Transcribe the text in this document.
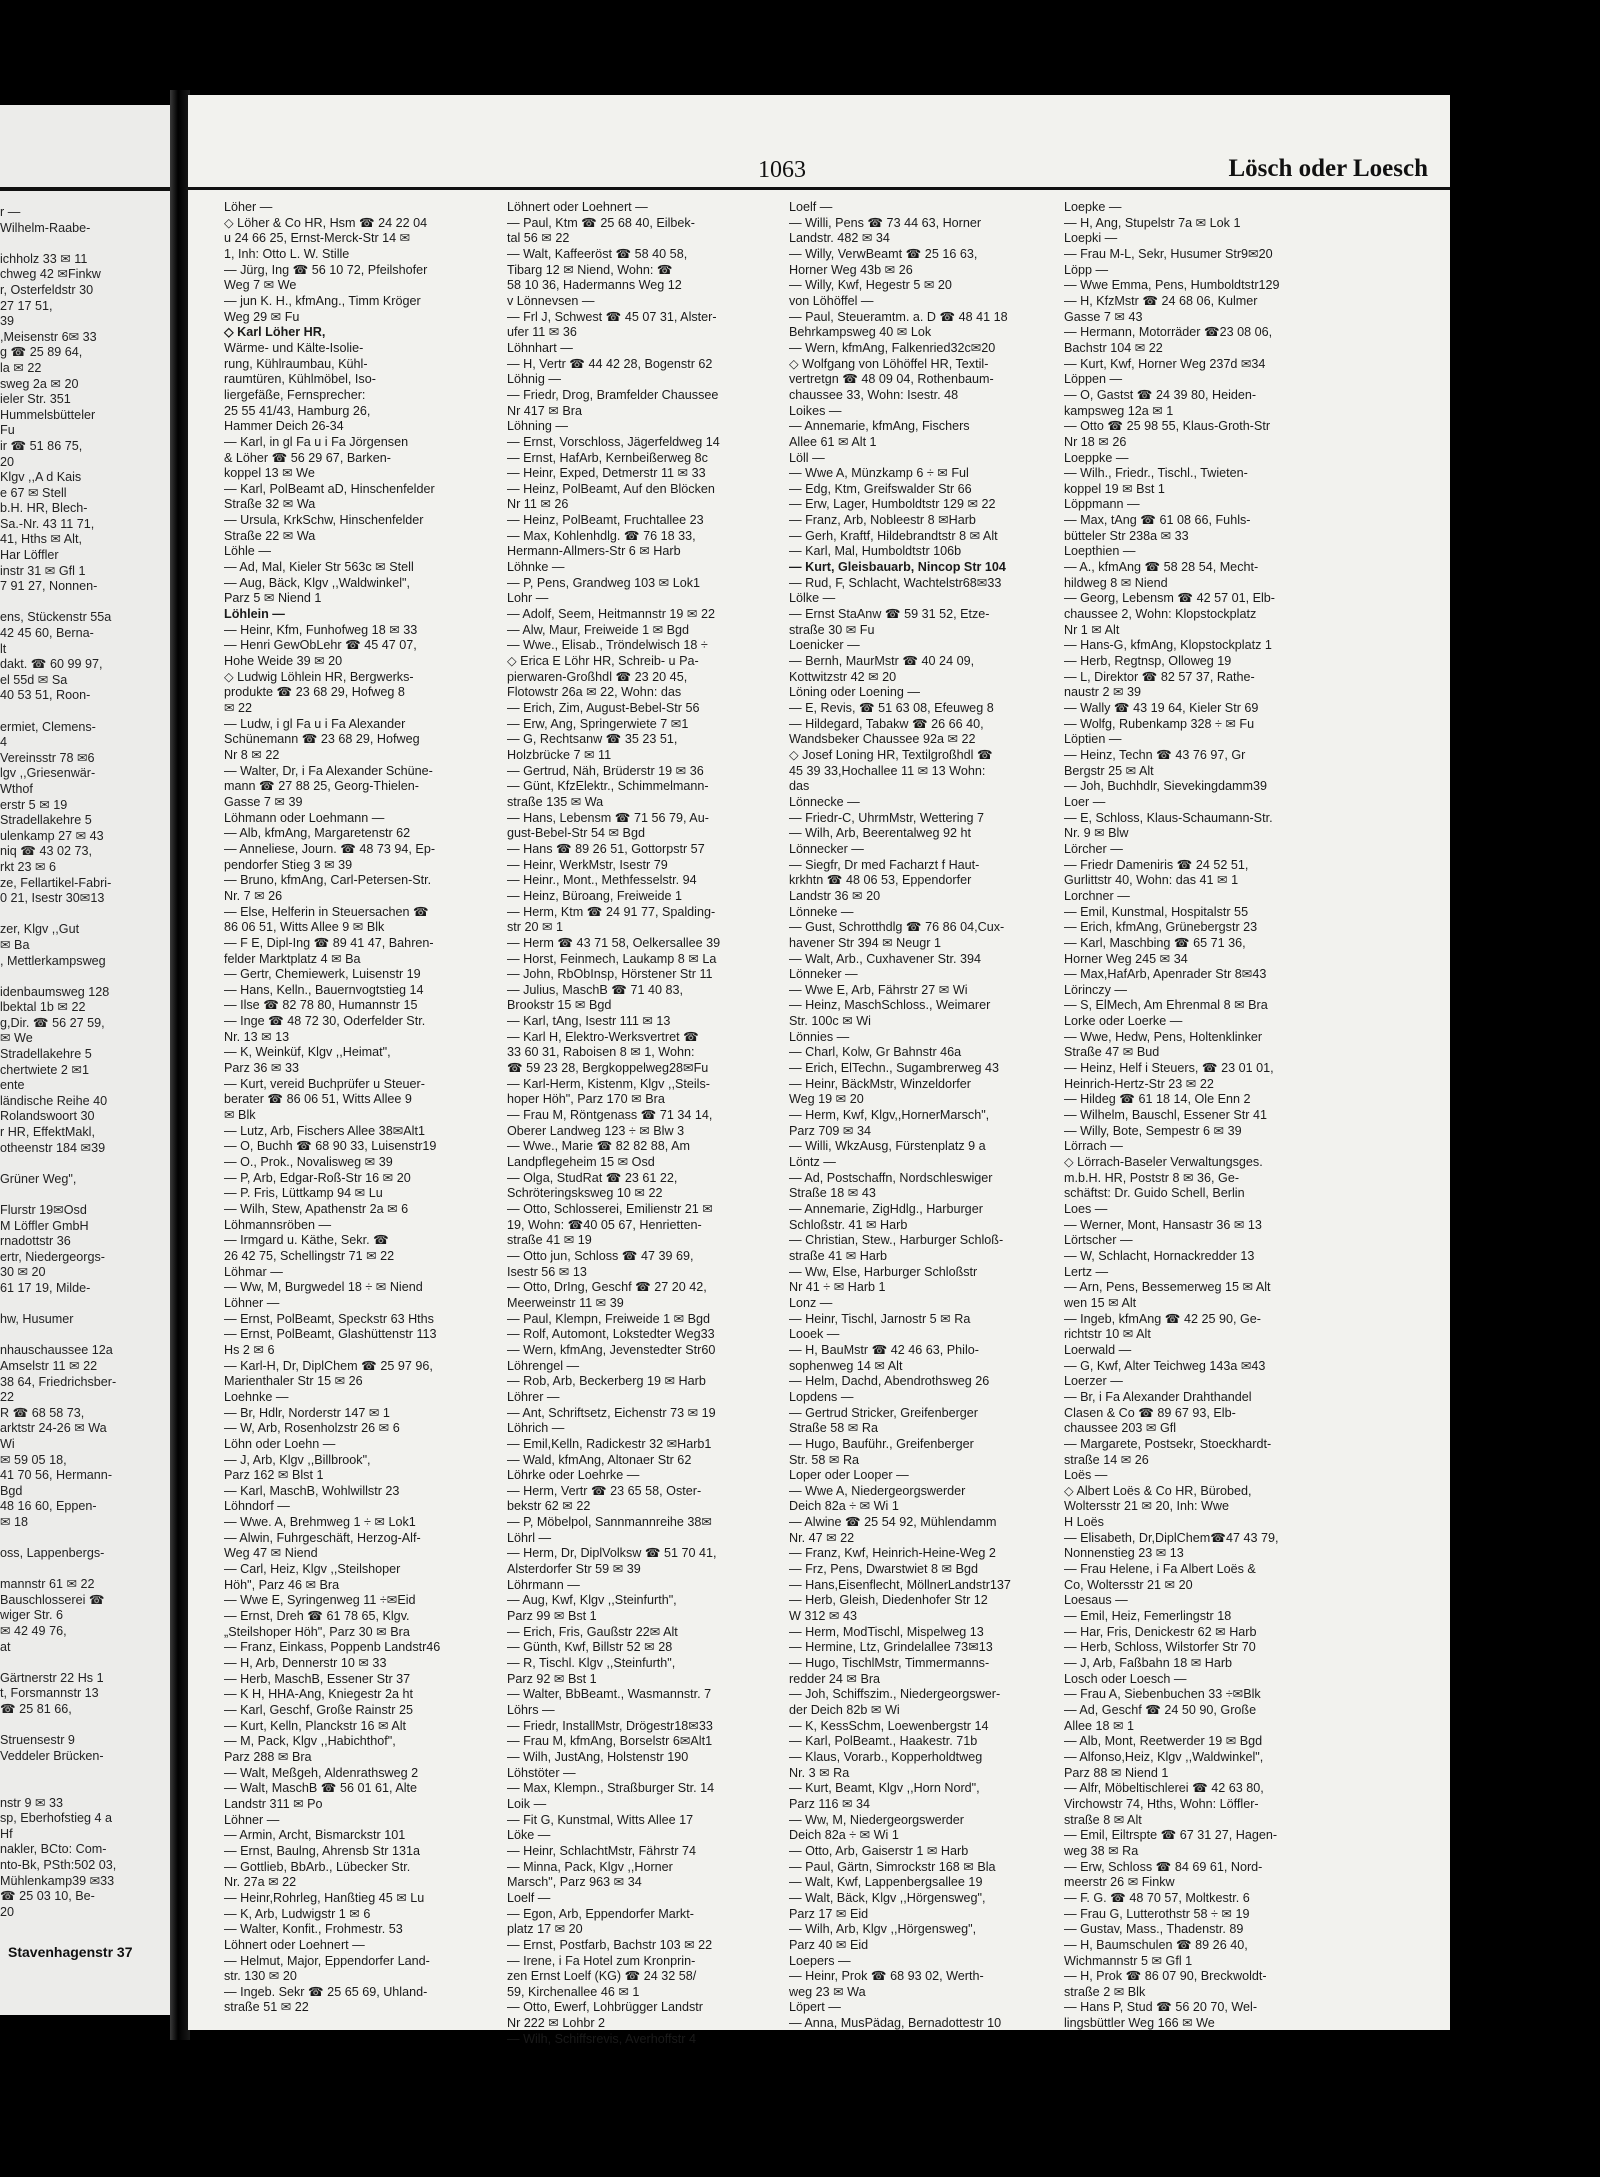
r —
Wilhelm-Raabe-
ichholz 33 ✉ 11
chweg 42 ✉Finkw
r, Osterfeldstr 30
27 17 51,
39
,Meisenstr 6✉ 33
g ☎ 25 89 64,
la ✉ 22
sweg 2a ✉ 20
ieler Str. 351
Hummelsbütteler
Fu
ir ☎ 51 86 75,
20
Klgv ,,A d Kais
e 67 ✉ Stell
b.H. HR, Blech-
Sa.-Nr. 43 11 71,
41, Hths ✉ Alt,
Har Löffler
instr 31 ✉ Gfl 1
7 91 27, Nonnen-
ens, Stückenstr 55a
42 45 60, Berna-
lt
dakt. ☎ 60 99 97,
el 55d ✉ Sa
40 53 51, Roon-
ermiet, Clemens-
4
Vereinsstr 78 ✉6
lgv ,,Griesenwär-
Wthof
erstr 5 ✉ 19
Stradellakehre 5
ulenkamp 27 ✉ 43
niq ☎ 43 02 73,
rkt 23 ✉ 6
ze, Fellartikel-Fabri-
0 21, Isestr 30✉13
zer, Klgv ,,Gut
✉ Ba
, Mettlerkampsweg
idenbaumsweg 128
lbektal 1b ✉ 22
g,Dir. ☎ 56 27 59,
✉ We
Stradellakehre 5
chertwiete 2 ✉1
ente
ländische Reihe 40
Rolandswoort 30
r HR, EffektMakl,
otheenstr 184 ✉39
Grüner Weg",
Flurstr 19✉Osd
M Löffler GmbH
rnadottstr 36
ertr, Niedergeorgs-
30 ✉ 20
61 17 19, Milde-
hw, Husumer
nhauschaussee 12a
Amselstr 11 ✉ 22
38 64, Friedrichsber-
22
R ☎ 68 58 73,
arktstr 24-26 ✉ Wa
Wi
✉ 59 05 18,
41 70 56, Hermann-
Bgd
48 16 60, Eppen-
✉ 18
oss, Lappenbergs-
mannstr 61 ✉ 22
Bauschlosserei ☎
wiger Str. 6
✉ 42 49 76,
at
Gärtnerstr 22 Hs 1
t, Forsmannstr 13
☎ 25 81 66,
Struensestr 9
Veddeler Brücken-
nstr 9 ✉ 33
sp, Eberhofstieg 4 a
Hf
nakler, BCto: Com-
nto-Bk, PSth:502 03,
Mühlenkamp39 ✉33
☎ 25 03 10, Be-
20
1063	Lösch oder Loesch
Löher —
◇ Löher & Co HR, Hsm ☎ 24 22 04
u 24 66 25, Ernst-Merck-Str 14 ✉
1, Inh: Otto L. W. Stille
— Jürg, Ing ☎ 56 10 72, Pfeilshofer
Weg 7 ✉ We
— jun K. H., kfmAng., Timm Kröger
Weg 29 ✉ Fu
◇ Karl Löher HR,
Wärme- und Kälte-Isolie-
rung, Kühlraumbau, Kühl-
raumtüren, Kühlmöbel, Iso-
liergefäße, Fernsprecher:
25 55 41/43, Hamburg 26,
Hammer Deich 26-34
— Karl, in gl Fa u i Fa Jörgensen
& Löher ☎ 56 29 67, Barken-
koppel 13 ✉ We
— Karl, PolBeamt aD, Hinschenfelder
Straße 32 ✉ Wa
— Ursula, KrkSchw, Hinschenfelder
Straße 22 ✉ Wa
Löhle —
— Ad, Mal, Kieler Str 563c ✉ Stell
— Aug, Bäck, Klgv ,,Waldwinkel",
Parz 5 ✉ Niend 1
Löhlein —
— Heinr, Kfm, Funhofweg 18 ✉ 33
— Henri GewObLehr ☎ 45 47 07,
Hohe Weide 39 ✉ 20
◇ Ludwig Löhlein HR, Bergwerks-
produkte ☎ 23 68 29, Hofweg 8
✉ 22
— Ludw, i gl Fa u i Fa Alexander
Schünemann ☎ 23 68 29, Hofweg
Nr 8 ✉ 22
— Walter, Dr, i Fa Alexander Schüne-
mann ☎ 27 88 25, Georg-Thielen-
Gasse 7 ✉ 39
Löhmann oder Loehmann —
— Alb, kfmAng, Margaretenstr 62
— Anneliese, Journ. ☎ 48 73 94, Ep-
pendorfer Stieg 3 ✉ 39
— Bruno, kfmAng, Carl-Petersen-Str.
Nr. 7 ✉ 26
— Else, Helferin in Steuersachen ☎
86 06 51, Witts Allee 9 ✉ Blk
— F E, Dipl-Ing ☎ 89 41 47, Bahren-
felder Marktplatz 4 ✉ Ba
— Gertr, Chemiewerk, Luisenstr 19
— Hans, Kelln., Bauernvogtstieg 14
— Ilse ☎ 82 78 80, Humannstr 15
— Inge ☎ 48 72 30, Oderfelder Str.
Nr. 13 ✉ 13
— K, Weinküf, Klgv ,,Heimat",
Parz 36 ✉ 33
— Kurt, vereid Buchprüfer u Steuer-
berater ☎ 86 06 51, Witts Allee 9
✉ Blk
— Lutz, Arb, Fischers Allee 38✉Alt1
— O, Buchh ☎ 68 90 33, Luisenstr19
— O., Prok., Novalisweg ✉ 39
— P, Arb, Edgar-Roß-Str 16 ✉ 20
— P. Fris, Lüttkamp 94 ✉ Lu
— Wilh, Stew, Apathenstr 2a ✉ 6
Löhmannsröben —
— Irmgard u. Käthe, Sekr. ☎
26 42 75, Schellingstr 71 ✉ 22
Löhmar —
— Ww, M, Burgwedel 18 ÷ ✉ Niend
Löhner —
— Ernst, PolBeamt, Speckstr 63 Hths
— Ernst, PolBeamt, Glashüttenstr 113
Hs 2 ✉ 6
— Karl-H, Dr, DiplChem ☎ 25 97 96,
Marienthaler Str 15 ✉ 26
Loehnke —
— Br, Hdlr, Norderstr 147 ✉ 1
— W, Arb, Rosenholzstr 26 ✉ 6
Löhn oder Loehn —
— J, Arb, Klgv ,,Billbrook",
Parz 162 ✉ Blst 1
— Karl, MaschB, Wohlwillstr 23
Löhndorf —
— Wwe. A, Brehmweg 1 ÷ ✉ Lok1
— Alwin, Fuhrgeschäft, Herzog-Alf-
Weg 47 ✉ Niend
— Carl, Heiz, Klgv ,,Steilshoper
Höh", Parz 46 ✉ Bra
— Wwe E, Syringenweg 11 ÷✉Eid
— Ernst, Dreh ☎ 61 78 65, Klgv.
„Steilshoper Höh", Parz 30 ✉ Bra
— Franz, Einkass, Poppenb Landstr46
— H, Arb, Dennerstr 10 ✉ 33
— Herb, MaschB, Essener Str 37
— K H, HHA-Ang, Kniegestr 2a ht
— Karl, Geschf, Große Rainstr 25
— Kurt, Kelln, Planckstr 16 ✉ Alt
— M, Pack, Klgv ,,Habichthof",
Parz 288 ✉ Bra
— Walt, Meßgeh, Aldenrathsweg 2
— Walt, MaschB ☎ 56 01 61, Alte
Landstr 311 ✉ Po
Löhner —
— Armin, Archt, Bismarckstr 101
— Ernst, Baulng, Ahrensb Str 131a
— Gottlieb, BbArb., Lübecker Str.
Nr. 27a ✉ 22
— Heinr,Rohrleg, Hanßtieg 45 ✉ Lu
— K, Arb, Ludwigstr 1 ✉ 6
— Walter, Konfit., Frohmestr. 53
Löhnert oder Loehnert —
— Helmut, Major, Eppendorfer Land-
str. 130 ✉ 20
— Ingeb. Sekr ☎ 25 65 69, Uhland-
straße 51 ✉ 22
Löhnert oder Loehnert —
— Paul, Ktm ☎ 25 68 40, Eilbek-
tal 56 ✉ 22
— Walt, Kaffeeröst ☎ 58 40 58,
Tibarg 12 ✉ Niend, Wohn: ☎
58 10 36, Hadermanns Weg 12
v Lönnevsen —
— Frl J, Schwest ☎ 45 07 31, Alster-
ufer 11 ✉ 36
Löhnhart —
— H, Vertr ☎ 44 42 28, Bogenstr 62
Löhnig —
— Friedr, Drog, Bramfelder Chaussee
Nr 417 ✉ Bra
Löhning —
— Ernst, Vorschloss, Jägerfeldweg 14
— Ernst, HafArb, Kernbeißerweg 8c
— Heinr, Exped, Detmerstr 11 ✉ 33
— Heinz, PolBeamt, Auf den Blöcken
Nr 11 ✉ 26
— Heinz, PolBeamt, Fruchtallee 23
— Max, Kohlenhdlg. ☎ 76 18 33,
Hermann-Allmers-Str 6 ✉ Harb
Löhnke —
— P, Pens, Grandweg 103 ✉ Lok1
Lohr —
— Adolf, Seem, Heitmannstr 19 ✉ 22
— Alw, Maur, Freiweide 1 ✉ Bgd
— Wwe., Elisab., Tröndelwisch 18 ÷
◇ Erica E Löhr HR, Schreib- u Pa-
pierwaren-Großhdl ☎ 23 20 45,
Flotowstr 26a ✉ 22, Wohn: das
— Erich, Zim, August-Bebel-Str 56
— Erw, Ang, Springerwiete 7 ✉1
— G, Rechtsanw ☎ 35 23 51,
Holzbrücke 7 ✉ 11
— Gertrud, Näh, Brüderstr 19 ✉ 36
— Günt, KfzElektr., Schimmelmann-
straße 135 ✉ Wa
— Hans, Lebensm ☎ 71 56 79, Au-
gust-Bebel-Str 54 ✉ Bgd
— Hans ☎ 89 26 51, Gottorpstr 57
— Heinr, WerkMstr, Isestr 79
— Heinr., Mont., Methfesselstr. 94
— Heinz, Büroang, Freiweide 1
— Herm, Ktm ☎ 24 91 77, Spalding-
str 20 ✉ 1
— Herm ☎ 43 71 58, Oelkersallee 39
— Horst, Feinmech, Laukamp 8 ✉ La
— John, RbObInsp, Hörstener Str 11
— Julius, MaschB ☎ 71 40 83,
Brookstr 15 ✉ Bgd
— Karl, tAng, Isestr 111 ✉ 13
— Karl H, Elektro-Werksvertret ☎
33 60 31, Raboisen 8 ✉ 1, Wohn:
☎ 59 23 28, Bergkoppelweg28✉Fu
— Karl-Herm, Kistenm, Klgv ,,Steils-
hoper Höh", Parz 170 ✉ Bra
— Frau M, Röntgenass ☎ 71 34 14,
Oberer Landweg 123 ÷ ✉ Blw 3
— Wwe., Marie ☎ 82 82 88, Am
Landpflegeheim 15 ✉ Osd
— Olga, StudRat ☎ 23 61 22,
Schröteringsksweg 10 ✉ 22
— Otto, Schlosserei, Emilienstr 21 ✉
19, Wohn: ☎40 05 67, Henrietten-
straße 41 ✉ 19
— Otto jun, Schloss ☎ 47 39 69,
Isestr 56 ✉ 13
— Otto, DrIng, Geschf ☎ 27 20 42,
Meerweinstr 11 ✉ 39
— Paul, Klempn, Freiweide 1 ✉ Bgd
— Rolf, Automont, Lokstedter Weg33
— Wern, kfmAng, Jevenstedter Str60
Löhrengel —
— Rob, Arb, Beckerberg 19 ✉ Harb
Löhrer —
— Ant, Schriftsetz, Eichenstr 73 ✉ 19
Löhrich —
— Emil,Kelln, Radickestr 32 ✉Harb1
— Wald, kfmAng, Altonaer Str 62
Löhrke oder Loehrke —
— Herm, Vertr ☎ 23 65 58, Oster-
bekstr 62 ✉ 22
— P, Möbelpol, Sannmannreihe 38✉
Löhrl —
— Herm, Dr, DiplVolksw ☎ 51 70 41,
Alsterdorfer Str 59 ✉ 39
Löhrmann —
— Aug, Kwf, Klgv ,,Steinfurth",
Parz 99 ✉ Bst 1
— Erich, Fris, Gaußstr 22✉ Alt
— Günth, Kwf, Billstr 52 ✉ 28
— R, Tischl. Klgv ,,Steinfurth",
Parz 92 ✉ Bst 1
— Walter, BbBeamt., Wasmannstr. 7
Löhrs —
— Friedr, InstallMstr, Drögestr18✉33
— Frau M, kfmAng, Borselstr 6✉Alt1
— Wilh, JustAng, Holstenstr 190
Löhstöter —
— Max, Klempn., Straßburger Str. 14
Loik —
— Fit G, Kunstmal, Witts Allee 17
Löke —
— Heinr, SchlachtMstr, Fährstr 74
— Minna, Pack, Klgv ,,Horner
Marsch", Parz 963 ✉ 34
Loelf —
— Egon, Arb, Eppendorfer Markt-
platz 17 ✉ 20
— Ernst, Postfarb, Bachstr 103 ✉ 22
— Irene, i Fa Hotel zum Kronprin-
zen Ernst Loelf (KG) ☎ 24 32 58/
59, Kirchenallee 46 ✉ 1
— Otto, Ewerf, Lohbrügger Landstr
Nr 222 ✉ Lohbr 2
— Wilh, Schiffsrevis, Averhoffstr 4
Loelf —
— Willi, Pens ☎ 73 44 63, Horner
Landstr. 482 ✉ 34
— Willy, VerwBeamt ☎ 25 16 63,
Horner Weg 43b ✉ 26
— Willy, Kwf, Hegestr 5 ✉ 20
von Löhöffel —
— Paul, Steueramtm. a. D ☎ 48 41 18
Behrkampsweg 40 ✉ Lok
— Wern, kfmAng, Falkenried32c✉20
◇ Wolfgang von Löhöffel HR, Textil-
vertretgn ☎ 48 09 04, Rothenbaum-
chaussee 33, Wohn: Isestr. 48
Loikes —
— Annemarie, kfmAng, Fischers
Allee 61 ✉ Alt 1
Löll —
— Wwe A, Münzkamp 6 ÷ ✉ Ful
— Edg, Ktm, Greifswalder Str 66
— Erw, Lager, Humboldtstr 129 ✉ 22
— Franz, Arb, Nobleestr 8 ✉Harb
— Gerh, Kraftf, Hildebrandtstr 8 ✉ Alt
— Karl, Mal, Humboldtstr 106b
— Kurt, Gleisbauarb, Nincop Str 104
— Rud, F, Schlacht, Wachtelstr68✉33
Lölke —
— Ernst StaAnw ☎ 59 31 52, Etze-
straße 30 ✉ Fu
Loenicker —
— Bernh, MaurMstr ☎ 40 24 09,
Kottwitzstr 42 ✉ 20
Löning oder Loening —
— E, Revis, ☎ 51 63 08, Efeuweg 8
— Hildegard, Tabakw ☎ 26 66 40,
Wandsbeker Chaussee 92a ✉ 22
◇ Josef Loning HR, Textilgroßhdl ☎
45 39 33,Hochallee 11 ✉ 13 Wohn:
das
Lönnecke —
— Friedr-C, UhrmMstr, Wettering 7
— Wilh, Arb, Beerentalweg 92 ht
Lönnecker —
— Siegfr, Dr med Facharzt f Haut-
krkhtn ☎ 48 06 53, Eppendorfer
Landstr 36 ✉ 20
Lönneke —
— Gust, Schrotthdlg ☎ 76 86 04,Cux-
havener Str 394 ✉ Neugr 1
— Walt, Arb., Cuxhavener Str. 394
Lönneker —
— Wwe E, Arb, Fährstr 27 ✉ Wi
— Heinz, MaschSchloss., Weimarer
Str. 100c ✉ Wi
Lönnies —
— Charl, Kolw, Gr Bahnstr 46a
— Erich, ElTechn., Sugambrerweg 43
— Heinr, BäckMstr, Winzeldorfer
Weg 19 ✉ 20
— Herm, Kwf, Klgv,,HornerMarsch",
Parz 709 ✉ 34
— Willi, WkzAusg, Fürstenplatz 9 a
Löntz —
— Ad, Postschaffn, Nordschleswiger
Straße 18 ✉ 43
— Annemarie, ZigHdlg., Harburger
Schloßstr. 41 ✉ Harb
— Christian, Stew., Harburger Schloß-
straße 41 ✉ Harb
— Ww, Else, Harburger Schloßstr
Nr 41 ÷ ✉ Harb 1
Lonz —
— Heinr, Tischl, Jarnostr 5 ✉ Ra
Looek —
— H, BauMstr ☎ 42 46 63, Philo-
sophenweg 14 ✉ Alt
— Helm, Dachd, Abendrothsweg 26
Lopdens —
— Gertrud Stricker, Greifenberger
Straße 58 ✉ Ra
— Hugo, Bauführ., Greifenberger
Str. 58 ✉ Ra
Loper oder Looper —
— Wwe A, Niedergeorgswerder
Deich 82a ÷ ✉ Wi 1
— Alwine ☎ 25 54 92, Mühlendamm
Nr. 47 ✉ 22
— Franz, Kwf, Heinrich-Heine-Weg 2
— Frz, Pens, Dwarstwiet 8 ✉ Bgd
— Hans,Eisenflecht, MöllnerLandstr137
— Herb, Gleish, Diedenhofer Str 12
W 312 ✉ 43
— Herm, ModTischl, Mispelweg 13
— Hermine, Ltz, Grindelallee 73✉13
— Hugo, TischlMstr, Timmermanns-
redder 24 ✉ Bra
— Joh, Schiffszim., Niedergeorgswer-
der Deich 82b ✉ Wi
— K, KessSchm, Loewenbergstr 14
— Karl, PolBeamt., Haakestr. 71b
— Klaus, Vorarb., Kopperholdtweg
Nr. 3 ✉ Ra
— Kurt, Beamt, Klgv ,,Horn Nord",
Parz 116 ✉ 34
— Ww, M, Niedergeorgswerder
Deich 82a ÷ ✉ Wi 1
— Otto, Arb, Gaiserstr 1 ✉ Harb
— Paul, Gärtn, Simrockstr 168 ✉ Bla
— Walt, Kwf, Lappenbergsallee 19
— Walt, Bäck, Klgv ,,Hörgensweg",
Parz 17 ✉ Eid
— Wilh, Arb, Klgv ,,Hörgensweg",
Parz 40 ✉ Eid
Loepers —
— Heinr, Prok ☎ 68 93 02, Werth-
weg 23 ✉ Wa
Löpert —
— Anna, MusPädag, Bernadottestr 10
Loepke —
— H, Ang, Stupelstr 7a ✉ Lok 1
Loepki —
— Frau M-L, Sekr, Husumer Str9✉20
Löpp —
— Wwe Emma, Pens, Humboldtstr129
— H, KfzMstr ☎ 24 68 06, Kulmer
Gasse 7 ✉ 43
— Hermann, Motorräder ☎23 08 06,
Bachstr 104 ✉ 22
— Kurt, Kwf, Horner Weg 237d ✉34
Löppen —
— O, Gastst ☎ 24 39 80, Heiden-
kampsweg 12a ✉ 1
— Otto ☎ 25 98 55, Klaus-Groth-Str
Nr 18 ✉ 26
Loeppke —
— Wilh., Friedr., Tischl., Twieten-
koppel 19 ✉ Bst 1
Löppmann —
— Max, tAng ☎ 61 08 66, Fuhls-
bütteler Str 238a ✉ 33
Loepthien —
— A., kfmAng ☎ 58 28 54, Mecht-
hildweg 8 ✉ Niend
— Georg, Lebensm ☎ 42 57 01, Elb-
chaussee 2, Wohn: Klopstockplatz
Nr 1 ✉ Alt
— Hans-G, kfmAng, Klopstockplatz 1
— Herb, Regtnsp, Olloweg 19
— L, Direktor ☎ 82 57 37, Rathe-
naustr 2 ✉ 39
— Wally ☎ 43 19 64, Kieler Str 69
— Wolfg, Rubenkamp 328 ÷ ✉ Fu
Löptien —
— Heinz, Techn ☎ 43 76 97, Gr
Bergstr 25 ✉ Alt
— Joh, Buchhdlr, Sievekingdamm39
Loer —
— E, Schloss, Klaus-Schaumann-Str.
Nr. 9 ✉ Blw
Lörcher —
— Friedr Dameniris ☎ 24 52 51,
Gurlittstr 40, Wohn: das 41 ✉ 1
Lorchner —
— Emil, Kunstmal, Hospitalstr 55
— Erich, kfmAng, Grünebergstr 23
— Karl, Maschbing ☎ 65 71 36,
Horner Weg 245 ✉ 34
— Max,HafArb, Apenrader Str 8✉43
Lörinczy —
— S, ElMech, Am Ehrenmal 8 ✉ Bra
Lorke oder Loerke —
— Wwe, Hedw, Pens, Holtenklinker
Straße 47 ✉ Bud
— Heinz, Helf i Steuers, ☎ 23 01 01,
Heinrich-Hertz-Str 23 ✉ 22
— Hildeg ☎ 61 18 14, Ole Enn 2
— Wilhelm, Bauschl, Essener Str 41
— Willy, Bote, Sempestr 6 ✉ 39
Lörrach —
◇ Lörrach-Baseler Verwaltungsges.
m.b.H. HR, Poststr 8 ✉ 36, Ge-
schäftst: Dr. Guido Schell, Berlin
Loes —
— Werner, Mont, Hansastr 36 ✉ 13
Lörtscher —
— W, Schlacht, Hornackredder 13
Lertz —
— Arn, Pens, Bessemerweg 15 ✉ Alt
wen 15 ✉ Alt
— Ingeb, kfmAng ☎ 42 25 90, Ge-
richtstr 10 ✉ Alt
Loerwald —
— G, Kwf, Alter Teichweg 143a ✉43
Loerzer —
— Br, i Fa Alexander Drahthandel
Clasen & Co ☎ 89 67 93, Elb-
chaussee 203 ✉ Gfl
— Margarete, Postsekr, Stoeckhardt-
straße 14 ✉ 26
Loës —
◇ Albert Loës & Co HR, Bürobed,
Woltersstr 21 ✉ 20, Inh: Wwe
H Loës
— Elisabeth, Dr,DiplChem☎47 43 79,
Nonnenstieg 23 ✉ 13
— Frau Helene, i Fa Albert Loës &
Co, Woltersstr 21 ✉ 20
Loesaus —
— Emil, Heiz, Femerlingstr 18
— Har, Fris, Denickestr 62 ✉ Harb
— Herb, Schloss, Wilstorfer Str 70
— J, Arb, Faßbahn 18 ✉ Harb
Losch oder Loesch —
— Frau A, Siebenbuchen 33 ÷✉Blk
— Ad, Geschf ☎ 24 50 90, Große
Allee 18 ✉ 1
— Alb, Mont, Reetwerder 19 ✉ Bgd
— Alfonso,Heiz, Klgv ,,Waldwinkel",
Parz 88 ✉ Niend 1
— Alfr, Möbeltischlerei ☎ 42 63 80,
Virchowstr 74, Hths, Wohn: Löffler-
straße 8 ✉ Alt
— Emil, Eiltrspte ☎ 67 31 27, Hagen-
weg 38 ✉ Ra
— Erw, Schloss ☎ 84 69 61, Nord-
meerstr 26 ✉ Finkw
— F. G. ☎ 48 70 57, Moltkestr. 6
— Frau G, Lutterothstr 58 ÷ ✉ 19
— Gustav, Mass., Thadenstr. 89
— H, Baumschulen ☎ 89 26 40,
Wichmannstr 5 ✉ Gfl 1
— H, Prok ☎ 86 07 90, Breckwoldt-
straße 2 ✉ Blk
— Hans P, Stud ☎ 56 20 70, Wel-
lingsbüttler Weg 166 ✉ We
Stavenhagenstr 37
